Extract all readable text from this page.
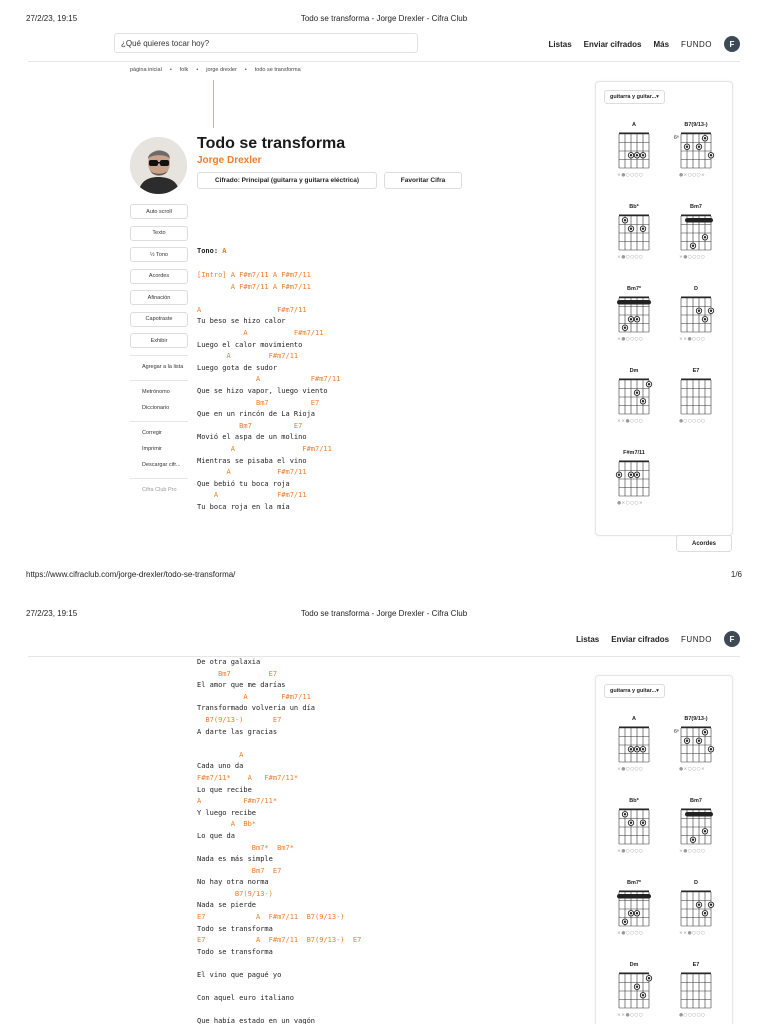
27/2/23, 19:15	Todo se transforma - Jorge Drexler - Cifra Club
¿Qué quieres tocar hoy?	Listas Enviar cifrados Más FUNDO	F
página inicial • folk • jorge drexler • todo se transforma
Todo se transforma
Jorge Drexler
Cifrado: Principal (guitarra y guitarra eléctrica)	Favoritar Cifra
Auto scroll
Texto
½ Tono
Acordes
Afinación
Capotraste
Exhibir
Agregar a la lista
Metrónomo
Diccionario
Corregir
Imprimir
Descargar cifr...
Cifra Club Pro
Tono: A
[Intro] A F#m7/11 A F#m7/11
A F#m7/11 A F#m7/11

A                  F#m7/11
Tu beso se hizo calor
A           F#m7/11
Luego el calor movimiento
A         F#m7/11
Luego gota de sudor
A            F#m7/11
Que se hizo vapor, luego viento
Bm7          E7
Que en un rincón de La Rioja
Bm7          E7
Movió el aspa de un molino
A                F#m7/11
Mientras se pisaba el vino
A           F#m7/11
Que bebió tu boca roja
A              F#m7/11
Tu boca roja en la mía
guitarra y guitar...▾
A
×●○○○○
B7(9/13-)
6ª
●×○○○×
Bb*
×●○○○○
Bm7
×●○○○○
Bm7*
×●○○○○
D
××●○○○
Dm
××●○○○
E7
●○○○○○
F#m7/11
●×○○○×
Acordes
https://www.cifraclub.com/jorge-drexler/todo-se-transforma/	1/6
27/2/23, 19:15	Todo se transforma - Jorge Drexler - Cifra Club
Listas Enviar cifrados FUNDO	F
De otra galaxia
Bm7         E7
El amor que me darías
A        F#m7/11
Transformado volvería un día
B7(9/13-)       E7
A darte las gracias

A
Cada uno da
F#m7/11*    A   F#m7/11*
Lo que recibe
A          F#m7/11*
Y luego recibe
A  Bb*
Lo que da
Bm7*  Bm7*
Nada es más simple
Bm7  E7
No hay otra norma
B7(9/13-)
Nada se pierde
E7            A  F#m7/11  B7(9/13-)
Todo se transforma
E7            A  F#m7/11  B7(9/13-)  E7
Todo se transforma

El vino que pagué yo

Con aquel euro italiano

Que había estado en un vagón
guitarra y guitar...▾
A
×●○○○○
B7(9/13-)
6ª
●×○○○×
Bb*
×●○○○○
Bm7
×●○○○○
Bm7*
×●○○○○
D
××●○○○
Dm
××●○○○
E7
●○○○○○
